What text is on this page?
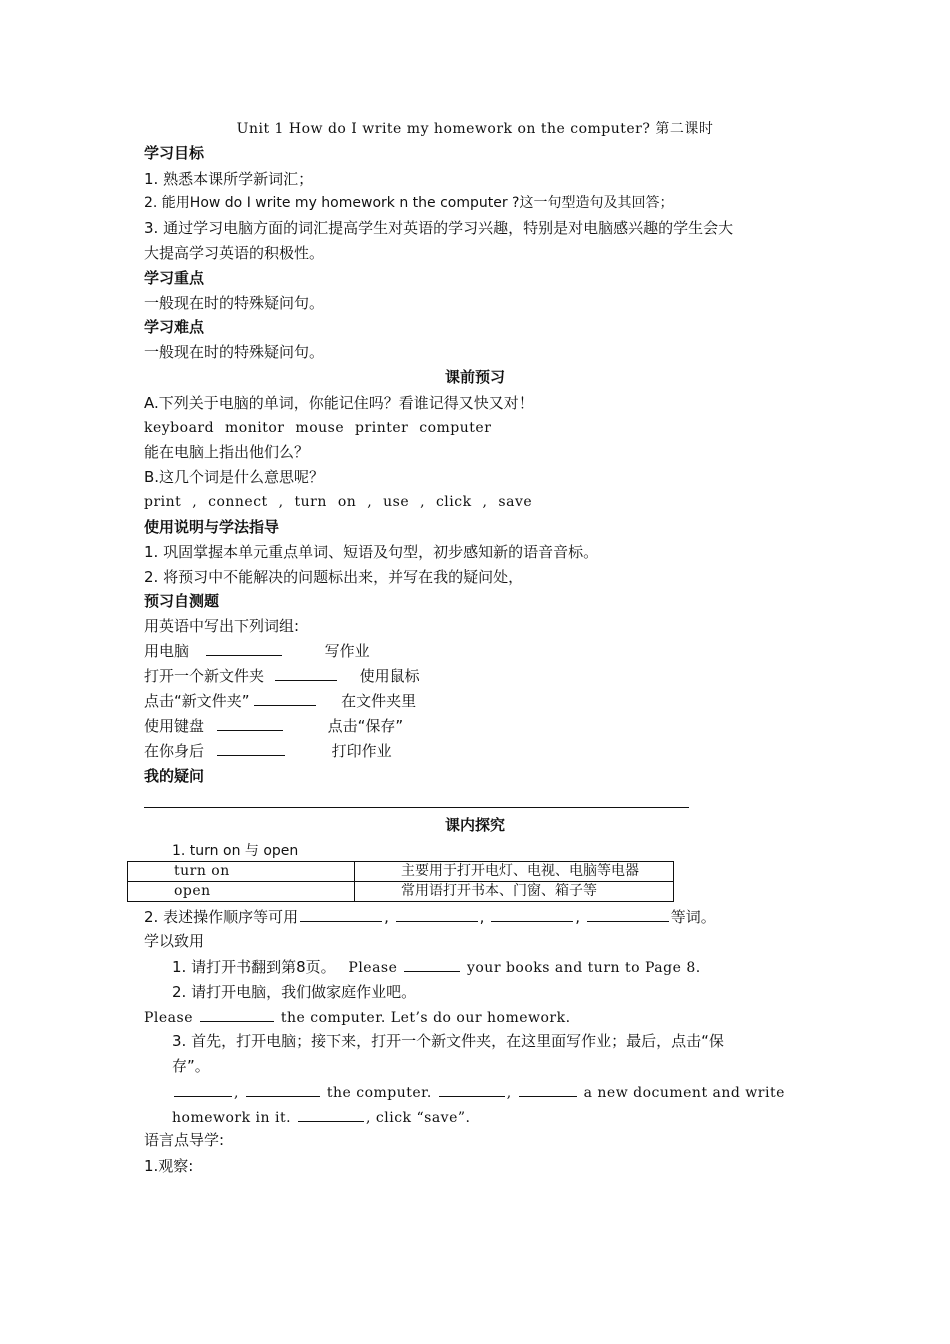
Unit 1 How do I write my homework on the computer? 第二课时
学习目标
1. 熟悉本课所学新词汇；
2. 能用How do I write my homework n the computer ?这一句型造句及其回答；
3. 通过学习电脑方面的词汇提高学生对英语的学习兴趣，特别是对电脑感兴趣的学生会大
大提高学习英语的积极性。
学习重点
一般现在时的特殊疑问句。
学习难点
一般现在时的特殊疑问句。
课前预习
A.下列关于电脑的单词，你能记住吗？看谁记得又快又对！
keyboard monitor mouse printer computer
能在电脑上指出他们么？
B.这几个词是什么意思呢？
print , connect , turn on , use , click , save
使用说明与学法指导
1. 巩固掌握本单元重点单词、短语及句型，初步感知新的语音音标。
2. 将预习中不能解决的问题标出来，并写在我的疑问处，
预习自测题
用英语中写出下列词组:
用电脑	写作业
打开一个新文件夹	使用鼠标
点击“新文件夹”	在文件夹里
使用键盘	点击“保存”
在你身后	打印作业
我的疑问
课内探究
1. turn on 与 open
turn on	主要用于打开电灯、电视、电脑等电器
open	常用语打开书本、门窗、箱子等
2. 表述操作顺序等可用	,	,	,	等词。
学以致用
1. 请打开书翻到第8页。 Please	your books and turn to Page 8.
2. 请打开电脑，我们做家庭作业吧。
Please	the computer. Let’s do our homework.
3. 首先，打开电脑；接下来，打开一个新文件夹，在这里面写作业；最后，点击“保
存”。
,	the computer.	,	a new document and write
homework in it.	, click “save”.
语言点导学:
1.观察:
